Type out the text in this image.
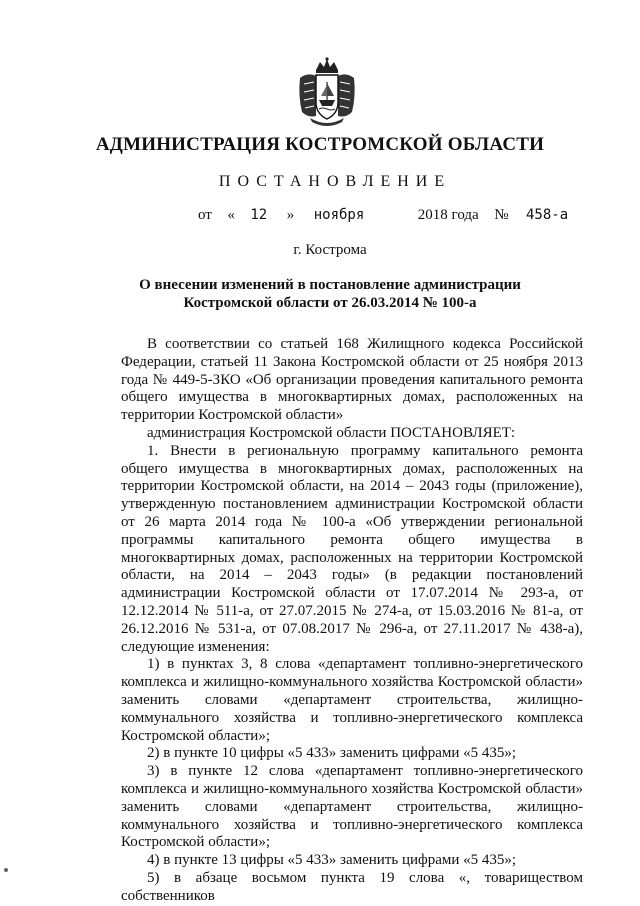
АДМИНИСТРАЦИЯ КОСТРОМСКОЙ ОБЛАСТИ
ПОСТАНОВЛЕНИЕ
от « 12 » ноября	2018 года № 458-а
г. Кострома
О внесении изменений в постановление администрации Костромской области от 26.03.2014 № 100-а

В соответствии со статьей 168 Жилищного кодекса Российской Федерации, статьей 11 Закона Костромской области от 25 ноября 2013 года № 449-5-ЗКО «Об организации проведения капитального ремонта общего имущества в многоквартирных домах, расположенных на территории Костромской области»

администрация Костромской области ПОСТАНОВЛЯЕТ:

1. Внести в региональную программу капитального ремонта общего имущества в многоквартирных домах, расположенных на территории Костромской области, на 2014 – 2043 годы (приложение), утвержденную постановлением администрации Костромской области от 26 марта 2014 года № 100-а «Об утверждении региональной программы капитального ремонта общего имущества в многоквартирных домах, расположенных на территории Костромской области, на 2014 – 2043 годы» (в редакции постановлений администрации Костромской области от 17.07.2014 № 293-а, от 12.12.2014 № 511-а, от 27.07.2015 № 274-а, от 15.03.2016 № 81-а, от 26.12.2016 № 531-а, от 07.08.2017 № 296-а, от 27.11.2017 № 438-а), следующие изменения:

1) в пунктах 3, 8 слова «департамент топливно-энергетического комплекса и жилищно-коммунального хозяйства Костромской области» заменить словами «департамент строительства, жилищно-коммунального хозяйства и топливно-энергетического комплекса Костромской области»;

2) в пункте 10 цифры «5 433» заменить цифрами «5 435»;

3) в пункте 12 слова «департамент топливно-энергетического комплекса и жилищно-коммунального хозяйства Костромской области» заменить словами «департамент строительства, жилищно-коммунального хозяйства и топливно-энергетического комплекса Костромской области»;

4) в пункте 13 цифры «5 433» заменить цифрами «5 435»;

5) в абзаце восьмом пункта 19 слова «, товариществом собственников
